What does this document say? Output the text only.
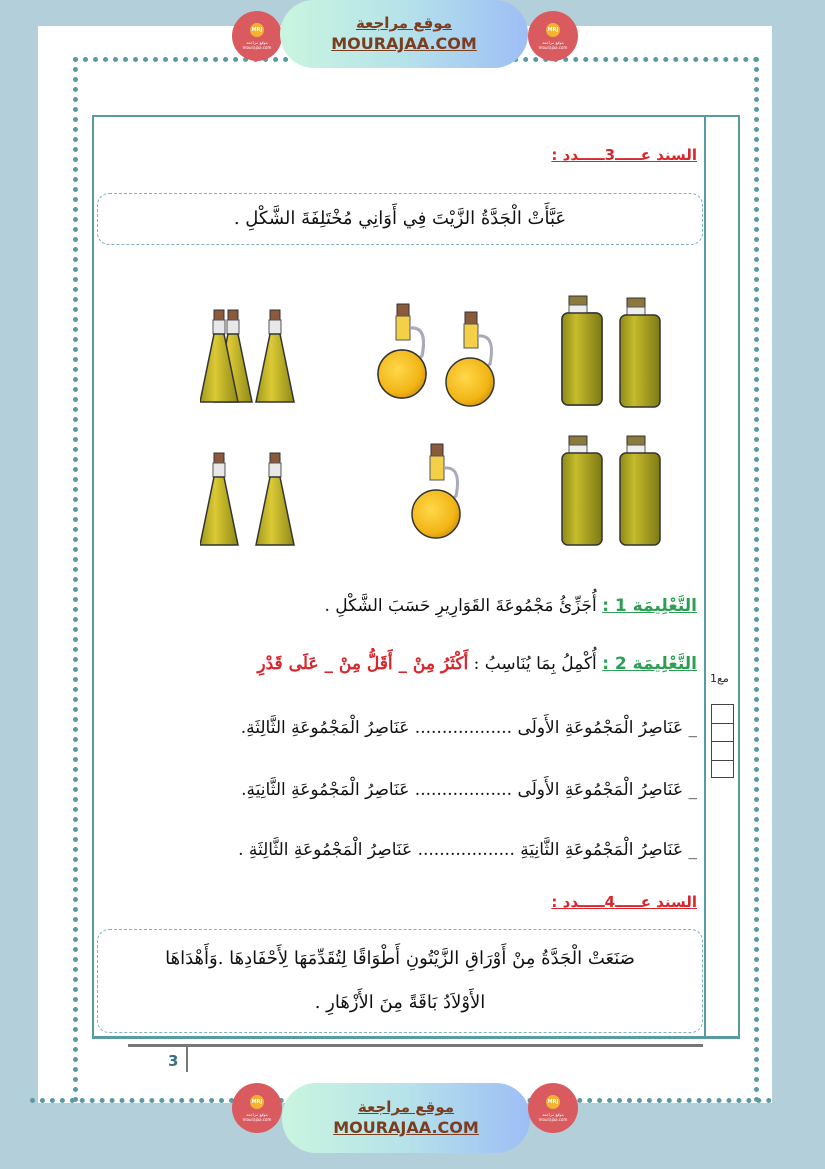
MRJ
موقع مراجعة mourajaa.com
موقع مراجعة
MOURAJAA.COM
MRJ
موقع مراجعة mourajaa.com
السند عـــــ3ـــــدد :

عَبَّأَتْ الْجَدَّةُ الزَّيْتَ فِي أَوَانِي مُخْتَلِفَةَ الشَّكْلِ .

التَّعْلِيمَة 1 : أُجَزِّئُ مَجْمُوعَةَ القَوَارِيرِ حَسَبَ الشَّكْلِ .
التَّعْلِيمَة 2 : أُكْمِلُ بِمَا يُنَاسِبُ : أَكْثَرُ مِنْ _ أَقَلُّ مِنْ _ عَلَى قَدْرِ
مع1
_ عَنَاصِرُ الْمَجْمُوعَةِ الأَولَى .................. عَنَاصِرُ الْمَجْمُوعَةِ الثَّالِثَةِ.
_ عَنَاصِرُ الْمَجْمُوعَةِ الأَولَى .................. عَنَاصِرُ الْمَجْمُوعَةِ الثَّانِيَةِ.
_ عَنَاصِرُ الْمَجْمُوعَةِ الثَّانِيَةِ .................. عَنَاصِرُ الْمَجْمُوعَةِ الثَّالِثَةِ .
السند عـــــ4ـــــدد :

صَنَعَتْ الْجَدَّةُ مِنْ أَوْرَاقِ الزَّيْتُونِ أَطْوَاقًا لِتُقَدِّمَهَا لِأَحْفَادِهَا .وَأَهْدَاهَا

الأَوْلاَدُ بَاقَةً مِنَ الأَزْهَارِ .

3
MRJ
موقع مراجعة mourajaa.com
موقع مراجعة
MOURAJAA.COM
MRJ
موقع مراجعة mourajaa.com
